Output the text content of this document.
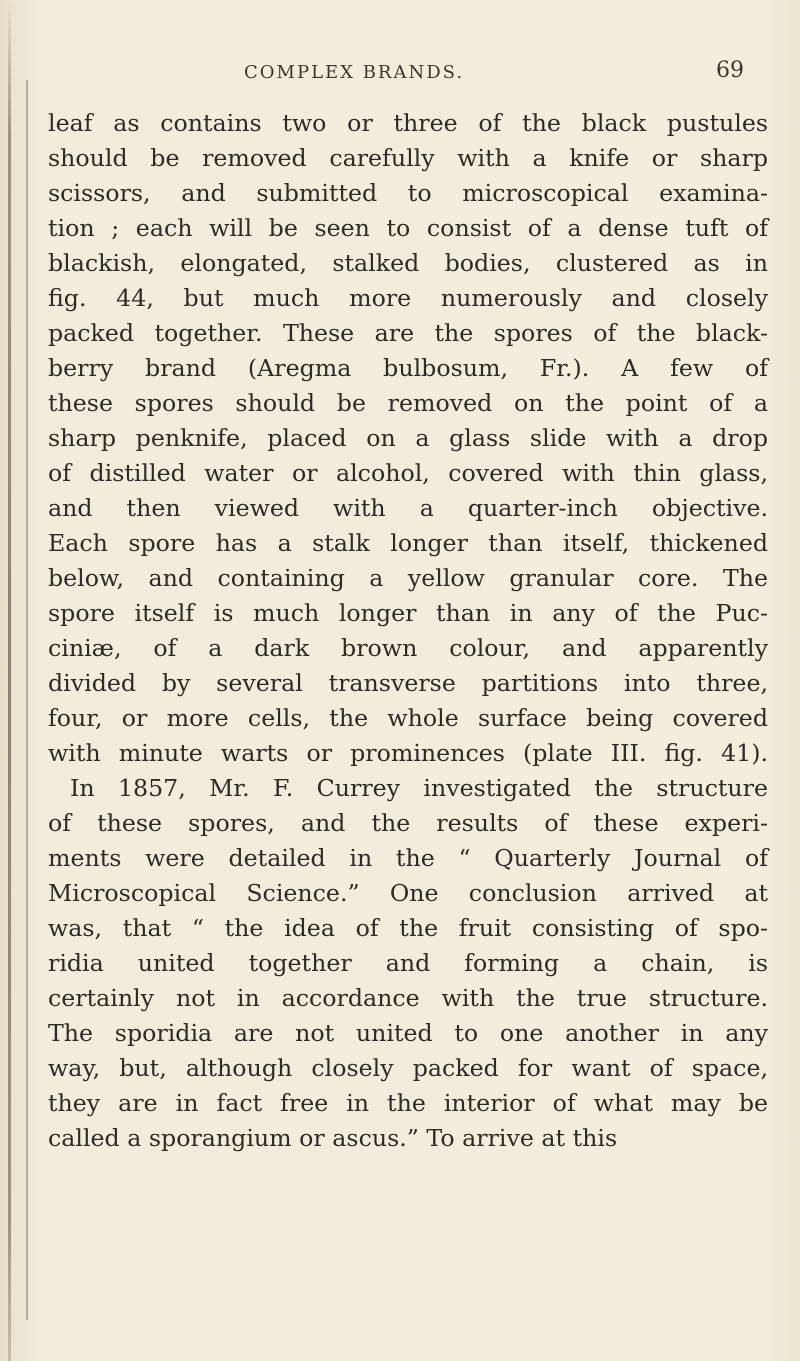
COMPLEX BRANDS.	69
leaf as contains two or three of the black pustules
should be removed carefully with a knife or sharp
scissors, and submitted to microscopical examina-
tion ; each will be seen to consist of a dense tuft of
blackish, elongated, stalked bodies, clustered as in
fig. 44, but much more numerously and closely
packed together. These are the spores of the black-
berry brand (Aregma bulbosum, Fr.). A few of
these spores should be removed on the point of a
sharp penknife, placed on a glass slide with a drop
of distilled water or alcohol, covered with thin glass,
and then viewed with a quarter-inch objective.
Each spore has a stalk longer than itself, thickened
below, and containing a yellow granular core. The
spore itself is much longer than in any of the Puc-
ciniæ, of a dark brown colour, and apparently
divided by several transverse partitions into three,
four, or more cells, the whole surface being covered
with minute warts or prominences (plate III. fig. 41).
In 1857, Mr. F. Currey investigated the structure
of these spores, and the results of these experi-
ments were detailed in the “ Quarterly Journal of
Microscopical Science.” One conclusion arrived at
was, that “ the idea of the fruit consisting of spo-
ridia united together and forming a chain, is
certainly not in accordance with the true structure.
The sporidia are not united to one another in any
way, but, although closely packed for want of space,
they are in fact free in the interior of what may be
called a sporangium or ascus.” To arrive at this
